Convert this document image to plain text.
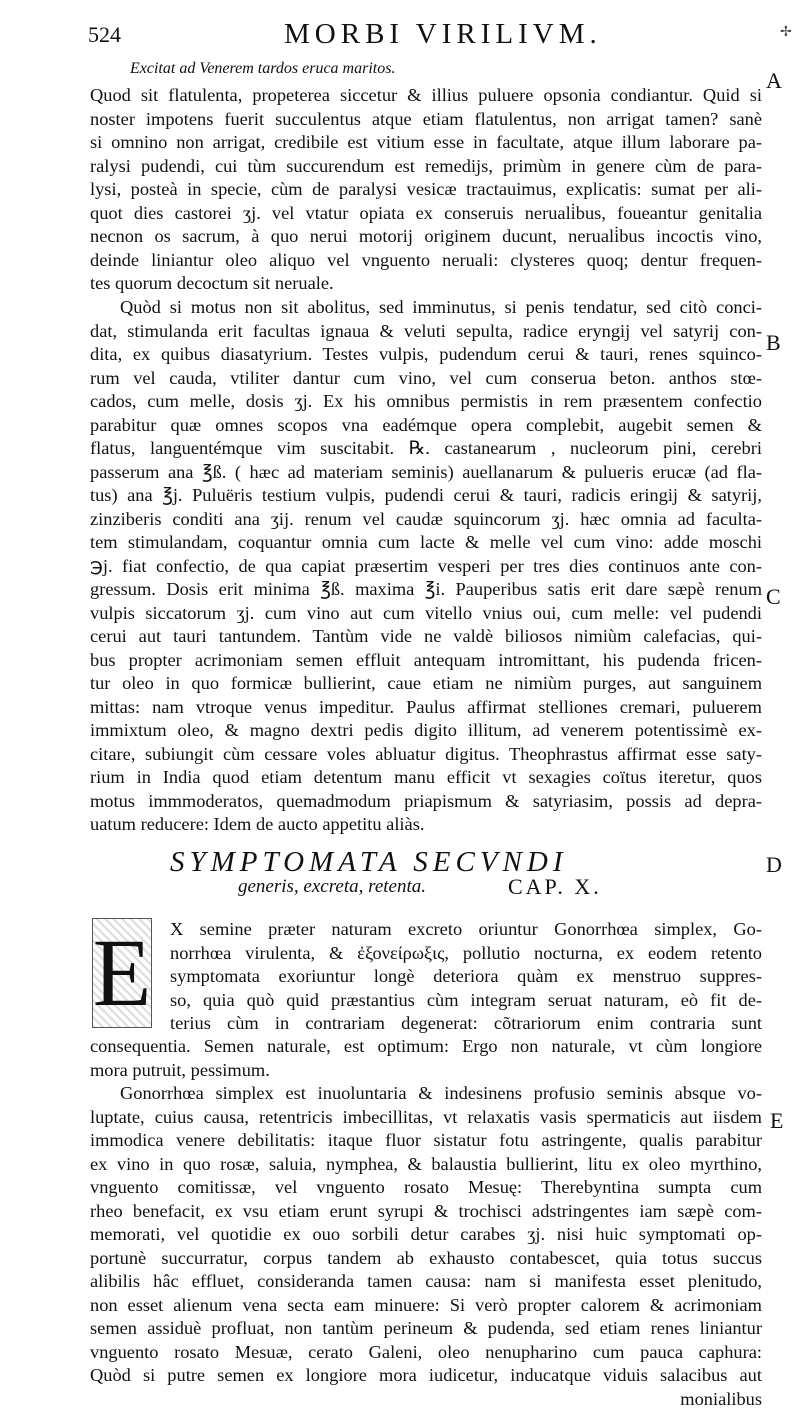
524	MORBI VIRILIVM.	✢
Excitat ad Venerem tardos eruca maritos.
Quod sit flatulenta, propeterea siccetur & illius puluere opsonia condiantur. Quid si
noster impotens fuerit succulentus atque etiam flatulentus, non arrigat tamen? sanè
si omnino non arrigat, credibile est vitium esse in facultate, atque illum laborare pa-
ralysi pudendi, cui tùm succurendum est remedijs, primùm in genere cùm de para-
lysi, posteà in specie, cùm de paralysi vesicæ tractauimus, explicatis: sumat per ali-
quot dies castorei ʒj. vel vtatur opiata ex conseruis neruali̇bus, foueantur genitalia
necnon os sacrum, à quo nerui motorij originem ducunt, neruali̇bus incoctis vino,
deinde liniantur oleo aliquo vel vnguento neruali: clysteres quoq; dentur frequen-
tes quorum decoctum sit neruale.
Quòd si motus non sit abolitus, sed imminutus, si penis tendatur, sed citò conci-
dat, stimulanda erit facultas ignaua & veluti sepulta, radice eryngij vel satyrij con-
dita, ex quibus diasatyrium. Testes vulpis, pudendum cerui & tauri, renes squinco-
rum vel cauda, vtiliter dantur cum vino, vel cum conserua beton. anthos stœ-
cados, cum melle, dosis ʒj. Ex his omnibus permistis in rem præsentem confectio
parabitur quæ omnes scopos vna eadémque opera complebit, augebit semen &
flatus, languentémque vim suscitabit. ℞. castanearum , nucleorum pini, cerebri
passerum ana ℥ß. ( hæc ad materiam seminis) auellanarum & pulueris erucæ (ad fla-
tus) ana ℥j. Puluëris testium vulpis, pudendi cerui & tauri, radicis eringij & satyrij,
zinziberis conditi ana ʒij. renum vel caudæ squincorum ʒj. hæc omnia ad faculta-
tem stimulandam, coquantur omnia cum lacte & melle vel cum vino: adde moschi
℈j. fiat confectio, de qua capiat præsertim vesperi per tres dies continuos ante con-
gressum. Dosis erit minima ℥ß. maxima ℥i. Pauperibus satis erit dare sæpè renum
vulpis siccatorum ʒj. cum vino aut cum vitello vnius oui, cum melle: vel pudendi
cerui aut tauri tantundem. Tantùm vide ne valdè biliosos nimiùm calefacias, qui-
bus propter acrimoniam semen effluit antequam intromittant, his pudenda fricen-
tur oleo in quo formicæ bullierint, caue etiam ne nimiùm purges, aut sanguinem
mittas: nam vtroque venus impeditur. Paulus affirmat stelliones cremari, puluerem
immixtum oleo, & magno dextri pedis digito illitum, ad venerem potentissimè ex-
citare, subiungit cùm cessare voles abluatur digitus. Theophrastus affirmat esse saty-
rium in India quod etiam detentum manu efficit vt sexagies coïtus iteretur, quos
motus immmoderatos, quemadmodum priapismum & satyriasim, possis ad depra-
uatum reducere: Idem de aucto appetitu aliàs.
A
B
C
D
E
SYMPTOMATA SECVNDI
generis, excreta, retenta.	CAP. X.
E X semine præter naturam excreto oriuntur Gonorrhœa simplex, Go-
norrhœa virulenta, & ἐξονείρωξις, pollutio nocturna, ex eodem retento
symptomata exoriuntur longè deteriora quàm ex menstruo suppres-
so, quia quò quid præstantius cùm integram seruat naturam, eò fit de-
terius cùm in contrariam degenerat: cõtrariorum enim contraria sunt
consequentia. Semen naturale, est optimum: Ergo non naturale, vt cùm longiore
mora putruit, pessimum.
Gonorrhœa simplex est inuoluntaria & indesinens profusio seminis absque vo-
luptate, cuius causa, retentricis imbecillitas, vt relaxatis vasis spermaticis aut iisdem
immodica venere debilitatis: itaque fluor sistatur fotu astringente, qualis parabitur
ex vino in quo rosæ, saluia, nymphea, & balaustia bullierint, litu ex oleo myrthino,
vnguento comitissæ, vel vnguento rosato Mesuę: Therebyntina sumpta cum
rheo benefacit, ex vsu etiam erunt syrupi & trochisci adstringentes iam sæpè com-
memorati, vel quotidie ex ouo sorbili detur carabes ʒj. nisi huic symptomati op-
portunè succurratur, corpus tandem ab exhausto contabescet, quia totus succus
alibilis hâc effluet, consideranda tamen causa: nam si manifesta esset plenitudo,
non esset alienum vena secta eam minuere: Si verò propter calorem & acrimoniam
semen assiduè profluat, non tantùm perineum & pudenda, sed etiam renes liniantur
vnguento rosato Mesuæ, cerato Galeni, oleo nenupharino cum pauca caphura:
Quòd si putre semen ex longiore mora iudicetur, inducatque viduis salacibus aut
monialibus
